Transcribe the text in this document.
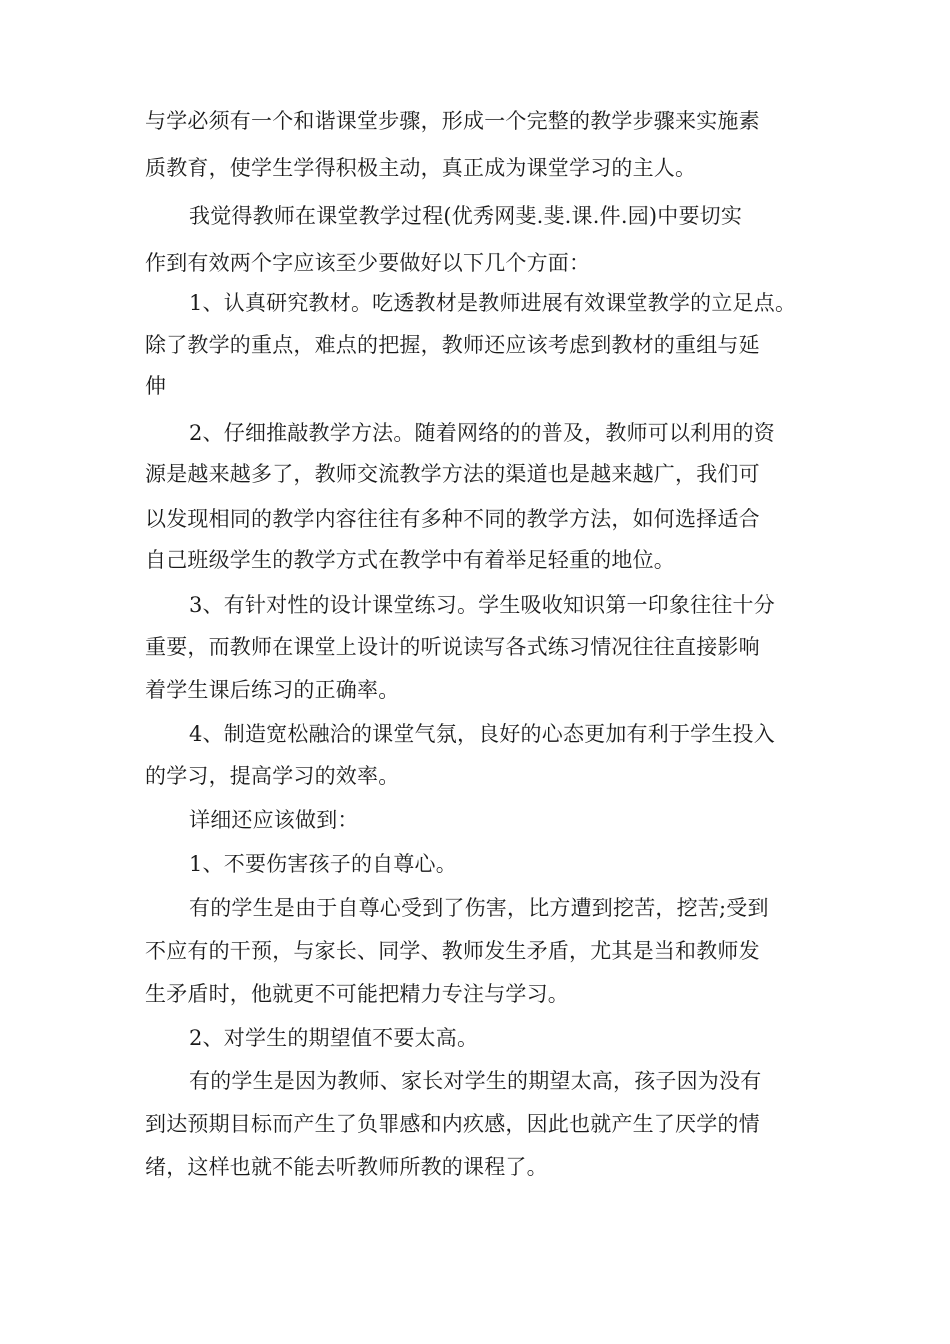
与学必须有一个和谐课堂步骤，形成一个完整的教学步骤来实施素
质教育，使学生学得积极主动，真正成为课堂学习的主人。
我觉得教师在课堂教学过程(优秀网斐.斐.课.件.园)中要切实
作到有效两个字应该至少要做好以下几个方面：
1、认真研究教材。吃透教材是教师进展有效课堂教学的立足点。
除了教学的重点，难点的把握，教师还应该考虑到教材的重组与延
伸
2、仔细推敲教学方法。随着网络的的普及，教师可以利用的资
源是越来越多了，教师交流教学方法的渠道也是越来越广，我们可
以发现相同的教学内容往往有多种不同的教学方法，如何选择适合
自己班级学生的教学方式在教学中有着举足轻重的地位。
3、有针对性的设计课堂练习。学生吸收知识第一印象往往十分
重要，而教师在课堂上设计的听说读写各式练习情况往往直接影响
着学生课后练习的正确率。
4、制造宽松融洽的课堂气氛，良好的心态更加有利于学生投入
的学习，提高学习的效率。
详细还应该做到：
1、不要伤害孩子的自尊心。
有的学生是由于自尊心受到了伤害，比方遭到挖苦，挖苦;受到
不应有的干预，与家长、同学、教师发生矛盾，尤其是当和教师发
生矛盾时，他就更不可能把精力专注与学习。
2、对学生的期望值不要太高。
有的学生是因为教师、家长对学生的期望太高，孩子因为没有
到达预期目标而产生了负罪感和内疚感，因此也就产生了厌学的情
绪，这样也就不能去听教师所教的课程了。
